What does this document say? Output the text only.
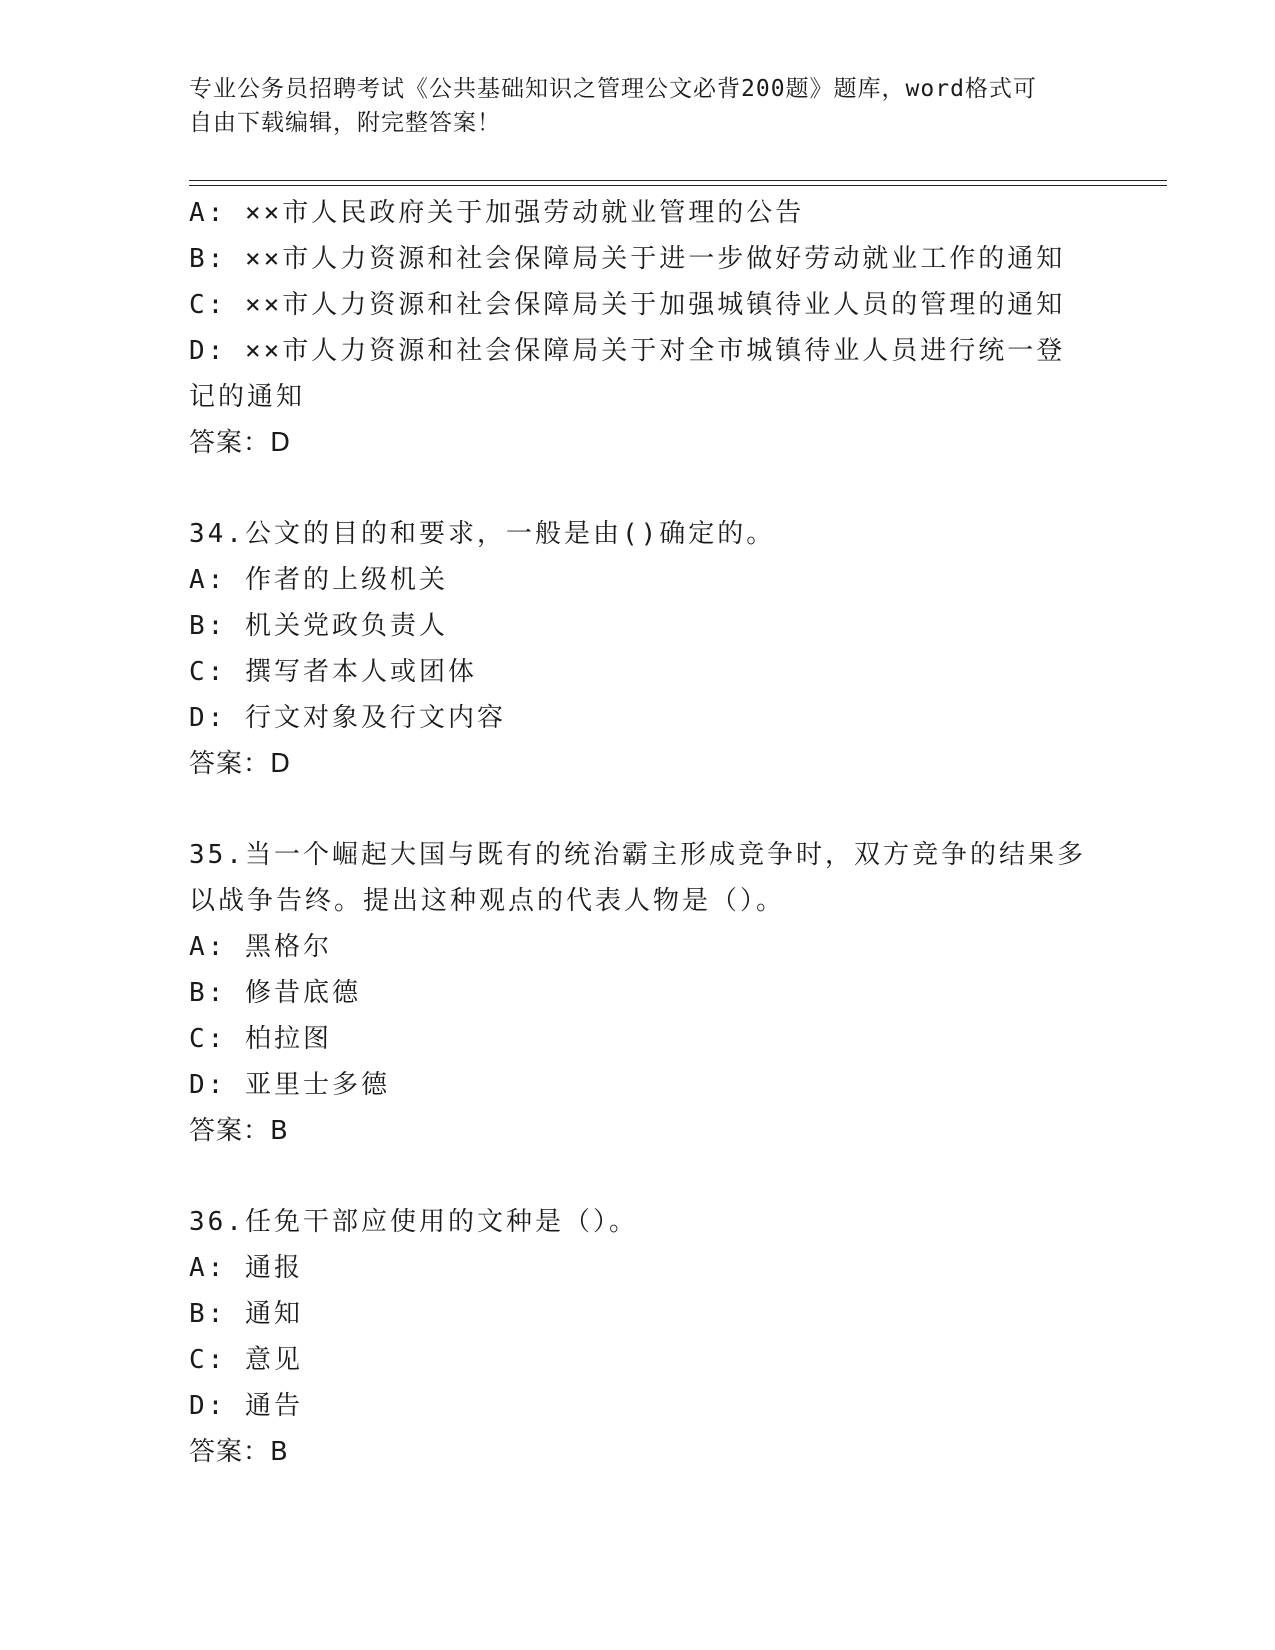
专业公务员招聘考试《公共基础知识之管理公文必背200题》题库，word格式可
自由下载编辑，附完整答案！
A: ××市人民政府关于加强劳动就业管理的公告
B: ××市人力资源和社会保障局关于进一步做好劳动就业工作的通知
C: ××市人力资源和社会保障局关于加强城镇待业人员的管理的通知
D: ××市人力资源和社会保障局关于对全市城镇待业人员进行统一登
记的通知
答案：D
34.公文的目的和要求，一般是由()确定的。
A: 作者的上级机关
B: 机关党政负责人
C: 撰写者本人或团体
D: 行文对象及行文内容
答案：D
35.当一个崛起大国与既有的统治霸主形成竞争时，双方竞争的结果多
以战争告终。提出这种观点的代表人物是（）。
A: 黑格尔
B: 修昔底德
C: 柏拉图
D: 亚里士多德
答案：B
36.任免干部应使用的文种是（）。
A: 通报
B: 通知
C: 意见
D: 通告
答案：B
